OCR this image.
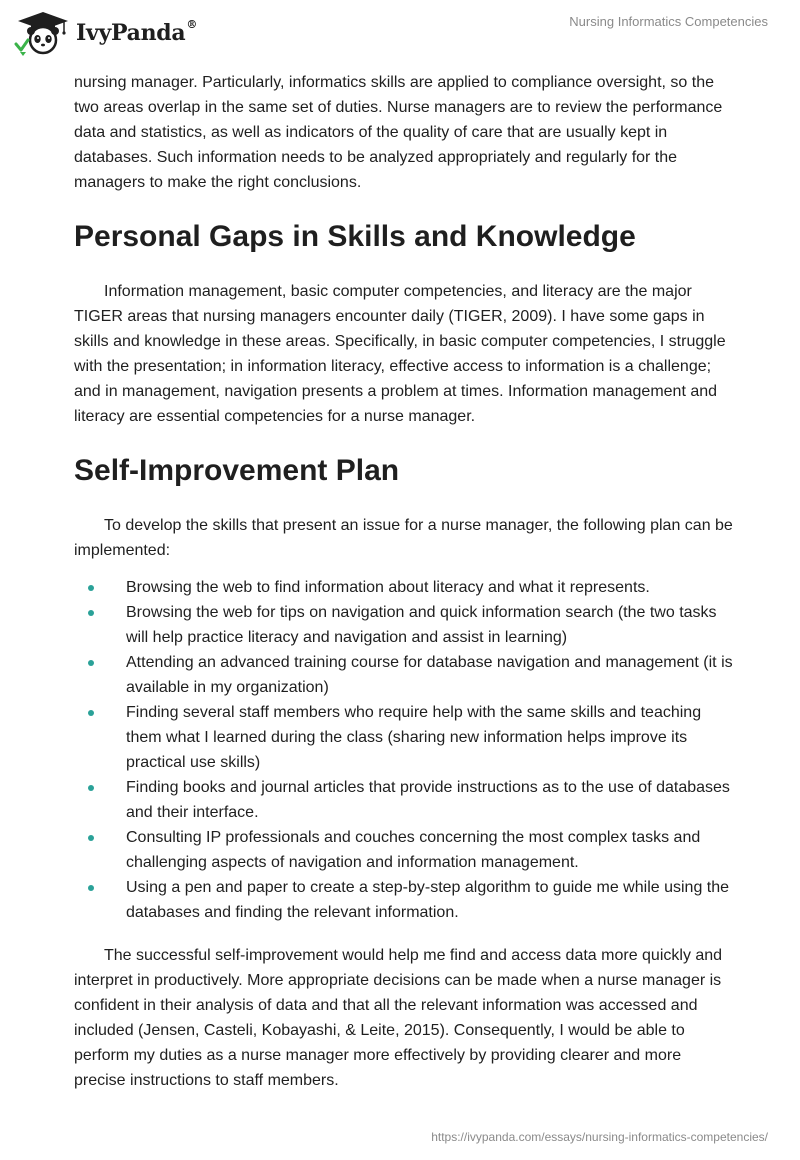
IvyPanda®	Nursing Informatics Competencies

nursing manager. Particularly, informatics skills are applied to compliance oversight, so the two areas overlap in the same set of duties. Nurse managers are to review the performance data and statistics, as well as indicators of the quality of care that are usually kept in databases. Such information needs to be analyzed appropriately and regularly for the managers to make the right conclusions.

Personal Gaps in Skills and Knowledge

Information management, basic computer competencies, and literacy are the major TIGER areas that nursing managers encounter daily (TIGER, 2009). I have some gaps in skills and knowledge in these areas. Specifically, in basic computer competencies, I struggle with the presentation; in information literacy, effective access to information is a challenge; and in management, navigation presents a problem at times. Information management and literacy are essential competencies for a nurse manager.

Self-Improvement Plan

To develop the skills that present an issue for a nurse manager, the following plan can be implemented:

Browsing the web to find information about literacy and what it represents.
Browsing the web for tips on navigation and quick information search (the two tasks will help practice literacy and navigation and assist in learning)
Attending an advanced training course for database navigation and management (it is available in my organization)
Finding several staff members who require help with the same skills and teaching them what I learned during the class (sharing new information helps improve its practical use skills)
Finding books and journal articles that provide instructions as to the use of databases and their interface.
Consulting IP professionals and couches concerning the most complex tasks and challenging aspects of navigation and information management.
Using a pen and paper to create a step-by-step algorithm to guide me while using the databases and finding the relevant information.

The successful self-improvement would help me find and access data more quickly and interpret in productively. More appropriate decisions can be made when a nurse manager is confident in their analysis of data and that all the relevant information was accessed and included (Jensen, Casteli, Kobayashi, & Leite, 2015). Consequently, I would be able to perform my duties as a nurse manager more effectively by providing clearer and more precise instructions to staff members.

https://ivypanda.com/essays/nursing-informatics-competencies/
